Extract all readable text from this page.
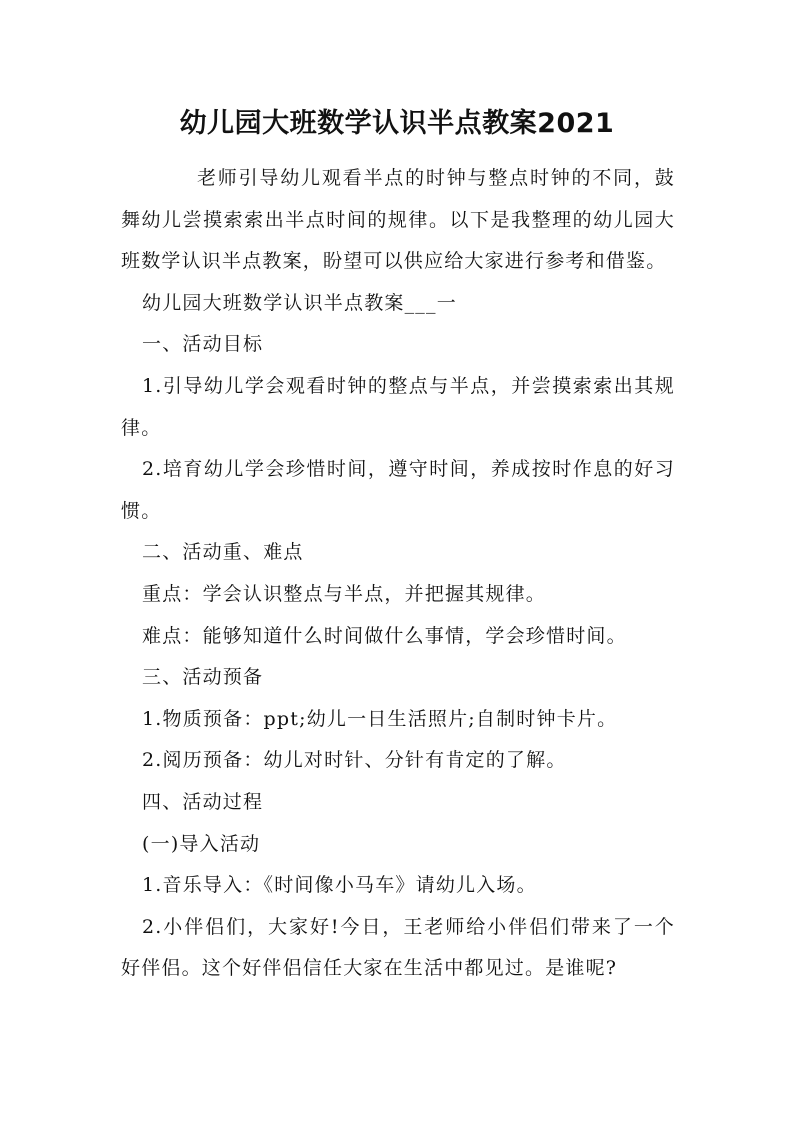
幼儿园大班数学认识半点教案2021

老师引导幼儿观看半点的时钟与整点时钟的不同，鼓舞幼儿尝摸索索出半点时间的规律。以下是我整理的幼儿园大班数学认识半点教案，盼望可以供应给大家进行参考和借鉴。

幼儿园大班数学认识半点教案___一

一、活动目标

1.引导幼儿学会观看时钟的整点与半点，并尝摸索索出其规律。

2.培育幼儿学会珍惜时间，遵守时间，养成按时作息的好习惯。

二、活动重、难点

重点：学会认识整点与半点，并把握其规律。

难点：能够知道什么时间做什么事情，学会珍惜时间。

三、活动预备

1.物质预备：ppt;幼儿一日生活照片;自制时钟卡片。

2.阅历预备：幼儿对时针、分针有肯定的了解。

四、活动过程

(一)导入活动

1.音乐导入：《时间像小马车》请幼儿入场。

2.小伴侣们，大家好!今日，王老师给小伴侣们带来了一个好伴侣。这个好伴侣信任大家在生活中都见过。是谁呢?
